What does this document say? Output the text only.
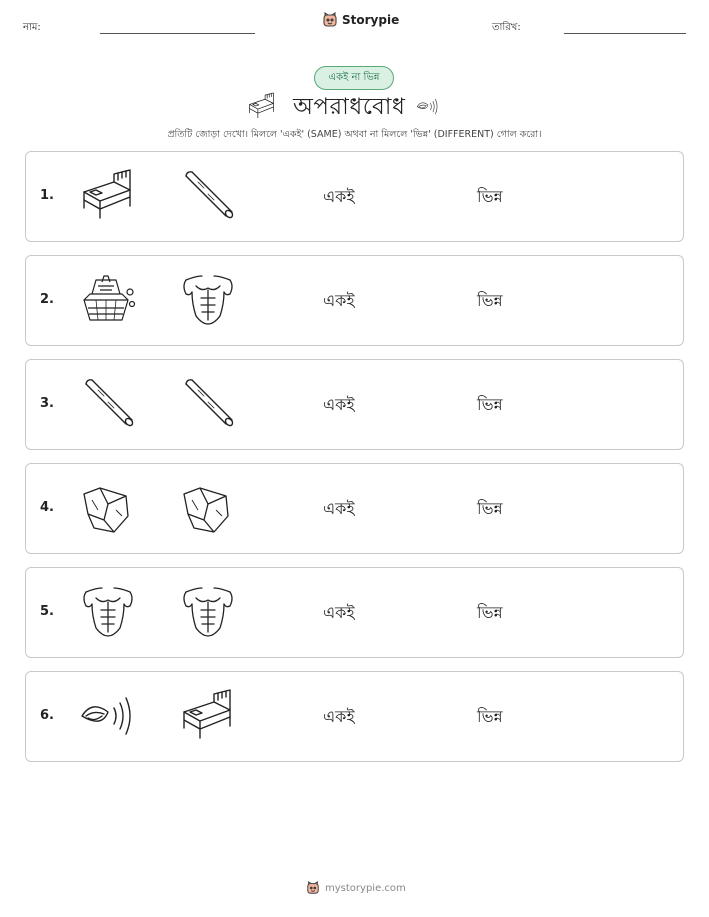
নাম:
Storypie
তারিখ:
একই না ভিন্ন
অপরাধবোধ
প্রতিটি জোড়া দেখো। মিললে 'একই' (SAME) অথবা না মিললে 'ভিন্ন' (DIFFERENT) গোল করো।
1.	একই	ভিন্ন
2.	একই	ভিন্ন
3.	একই	ভিন্ন
4.	একই	ভিন্ন
5.	একই	ভিন্ন
6.	একই	ভিন্ন
mystorypie.com
